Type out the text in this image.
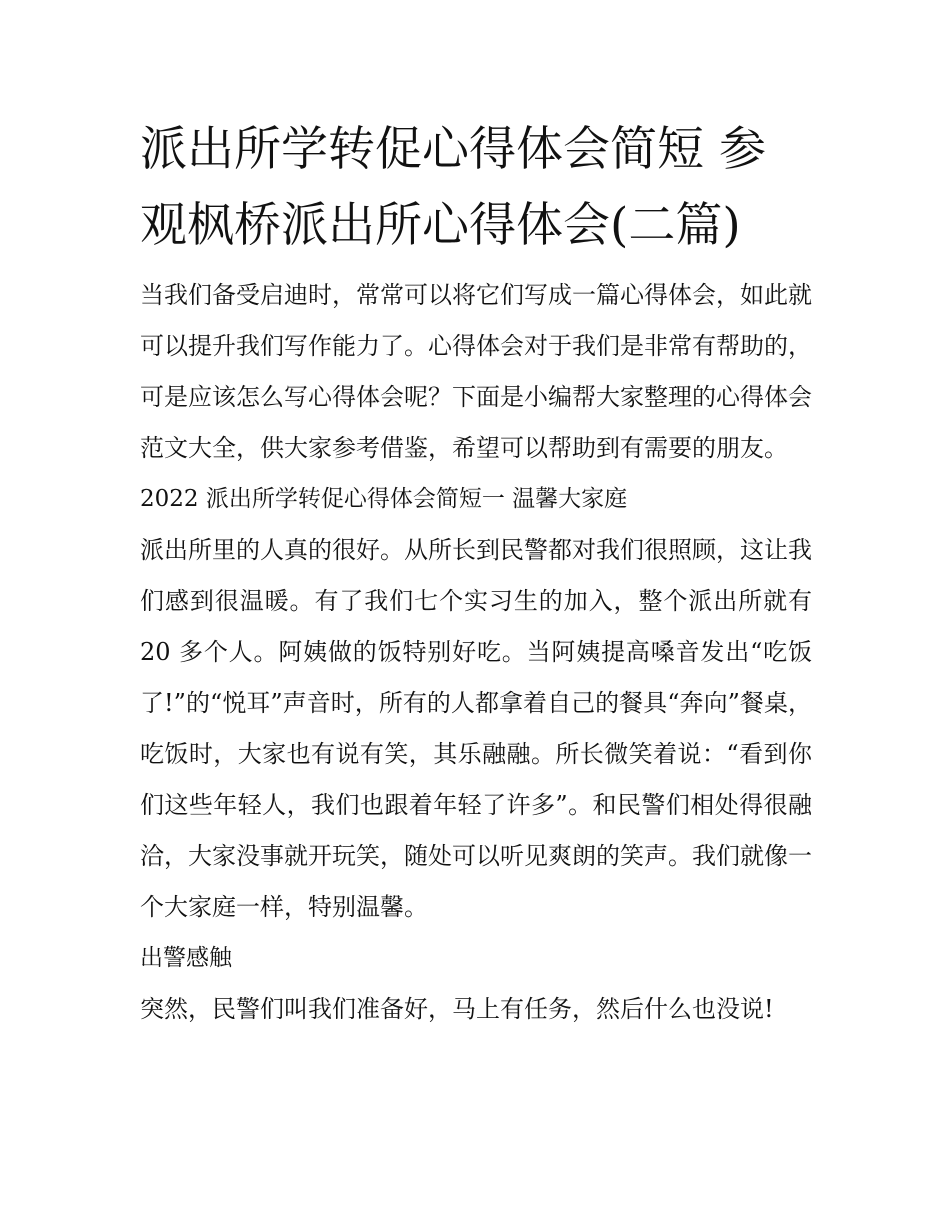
派出所学转促心得体会简短 参观枫桥派出所心得体会(二篇)

当我们备受启迪时，常常可以将它们写成一篇心得体会，如此就可以提升我们写作能力了。心得体会对于我们是非常有帮助的，可是应该怎么写心得体会呢？下面是小编帮大家整理的心得体会范文大全，供大家参考借鉴，希望可以帮助到有需要的朋友。

2022 派出所学转促心得体会简短一 温馨大家庭

派出所里的人真的很好。从所长到民警都对我们很照顾，这让我们感到很温暖。有了我们七个实习生的加入，整个派出所就有 20 多个人。阿姨做的饭特别好吃。当阿姨提高嗓音发出“吃饭了!”的“悦耳”声音时，所有的人都拿着自己的餐具“奔向”餐桌，吃饭时，大家也有说有笑，其乐融融。所长微笑着说：“看到你们这些年轻人，我们也跟着年轻了许多”。和民警们相处得很融洽，大家没事就开玩笑，随处可以听见爽朗的笑声。我们就像一个大家庭一样，特别温馨。

出警感触

突然，民警们叫我们准备好，马上有任务，然后什么也没说!
